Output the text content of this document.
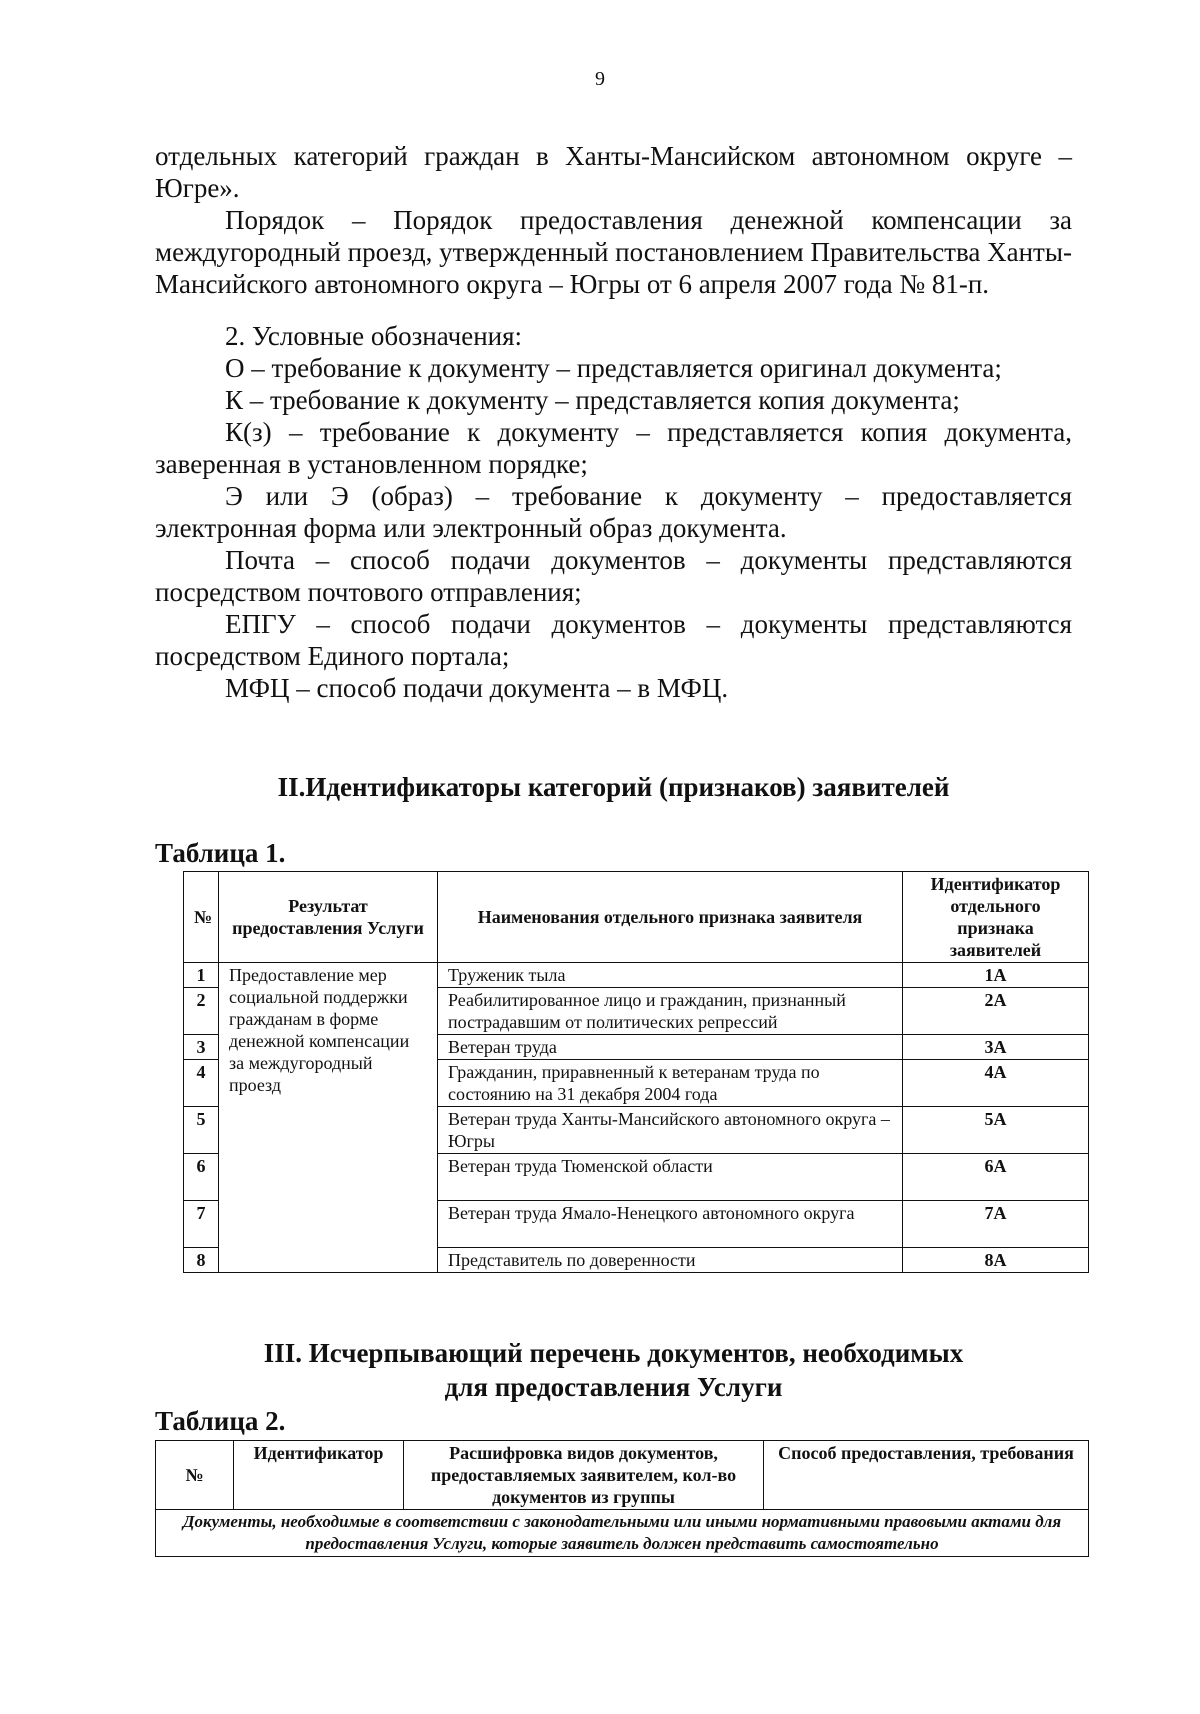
9

отдельных категорий граждан в Ханты-Мансийском автономном округе – Югре».

Порядок – Порядок предоставления денежной компенсации за междугородный проезд, утвержденный постановлением Правительства Ханты-Мансийского автономного округа – Югры от 6 апреля 2007 года № 81-п.

2. Условные обозначения:

О – требование к документу – представляется оригинал документа;

К – требование к документу – представляется копия документа;

К(з) – требование к документу – представляется копия документа, заверенная в установленном порядке;

Э или Э (образ) – требование к документу – предоставляется электронная форма или электронный образ документа.

Почта – способ подачи документов – документы представляются посредством почтового отправления;

ЕПГУ – способ подачи документов – документы представляются посредством Единого портала;

МФЦ – способ подачи документа – в МФЦ.

II.Идентификаторы категорий (признаков) заявителей
Таблица 1.
№	Результат предоставления Услуги	Наименования отдельного признака заявителя	Идентификатор отдельного признака заявителей
1	Предоставление мер социальной поддержки гражданам в форме денежной компенсации за междугородный проезд	Труженик тыла	1А
2		Реабилитированное лицо и гражданин, признанный пострадавшим от политических репрессий	2А
3		Ветеран труда	3А
4		Гражданин, приравненный к ветеранам труда по состоянию на 31 декабря 2004 года	4А
5		Ветеран труда Ханты-Мансийского автономного округа – Югры	5А
6		Ветеран труда Тюменской области	6А
7		Ветеран труда Ямало-Ненецкого автономного округа	7А
8		Представитель по доверенности	8А
III. Исчерпывающий перечень документов, необходимых
для предоставления Услуги
Таблица 2.
№	Идентификатор	Расшифровка видов документов, предоставляемых заявителем, кол-во документов из группы	Способ предоставления, требования
Документы, необходимые в соответствии с законодательными или иными нормативными правовыми актами для предоставления Услуги, которые заявитель должен представить самостоятельно
